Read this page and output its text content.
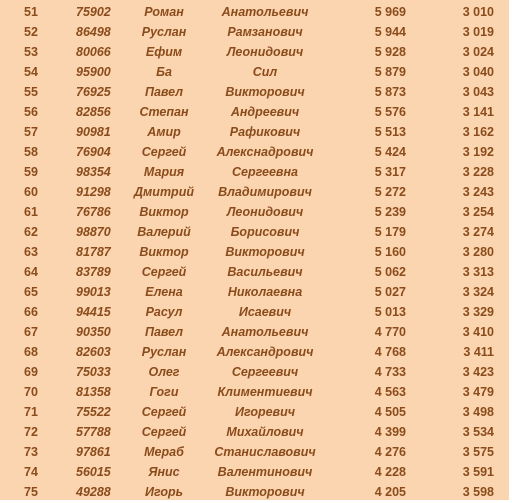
51	75902	Роман	Анатольевич	5 969	3 010
52	86498	Руслан	Рамзанович	5 944	3 019
53	80066	Ефим	Леонидович	5 928	3 024
54	95900	Ба	Сил	5 879	3 040
55	76925	Павел	Викторович	5 873	3 043
56	82856	Степан	Андреевич	5 576	3 141
57	90981	Амир	Рафикович	5 513	3 162
58	76904	Сергей	Алекснадрович	5 424	3 192
59	98354	Мария	Сергеевна	5 317	3 228
60	91298	Дмитрий	Владимирович	5 272	3 243
61	76786	Виктор	Леонидович	5 239	3 254
62	98870	Валерий	Борисович	5 179	3 274
63	81787	Виктор	Викторович	5 160	3 280
64	83789	Сергей	Васильевич	5 062	3 313
65	99013	Елена	Николаевна	5 027	3 324
66	94415	Расул	Исаевич	5 013	3 329
67	90350	Павел	Анатольевич	4 770	3 410
68	82603	Руслан	Александрович	4 768	3 411
69	75033	Олег	Сергеевич	4 733	3 423
70	81358	Гоги	Климентиевич	4 563	3 479
71	75522	Сергей	Игоревич	4 505	3 498
72	57788	Сергей	Михайлович	4 399	3 534
73	97861	Мераб	Станиславович	4 276	3 575
74	56015	Янис	Валентинович	4 228	3 591
75	49288	Игорь	Викторович	4 205	3 598
